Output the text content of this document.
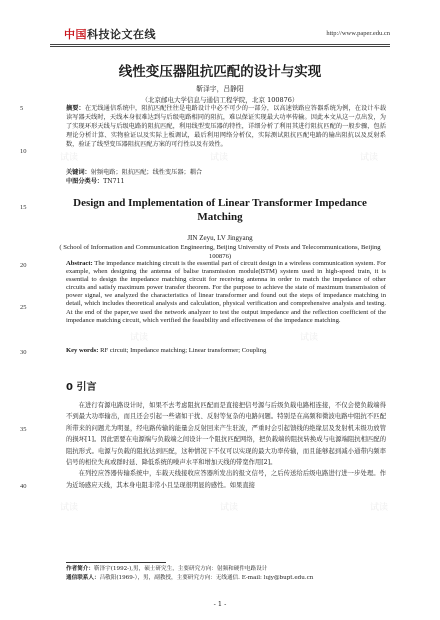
试读	试读	试读
试读	试读
试读	试读	试读
中国科技论文在线	http://www.paper.edu.cn
5
10
15
20
25
30
35
40
线性变压器阻抗匹配的设计与实现
靳泽宇，吕静阳
（北京邮电大学信息与通信工程学院，北京 100876）
摘要：在无线通信系统中，阻抗匹配往往是电路设计中必不可少的一部分，以高速铁路应答器系统为例，在设计车载读写器天线时，天线本身很难达到与后级电路相同的阻抗，难以保证实现最大功率传输。因此本文从这一点出发，为了实现环形天线与后级电路的阻抗匹配，利用线型变压器的特性，详细分析了利用其进行阻抗匹配的一般步骤，包括理论分析计算、实物验证以及实际上板调试，最后利用网络分析仪，实际测试阻抗匹配电路的输出阻抗以及反射系数，验证了线型变压器阻抗匹配方案的可行性以及有效性。
关键词：射频电路；阻抗匹配；线性变压器；耦合
中图分类号：TN711
Design and Implementation of Linear Transformer Impedance Matching
JIN Zeyu, LV Jingyang
( School of Information and Communication Engineering, Beijing University of Posts and Telecommunications, Beijing 100876)
Abstract: The impedance matching circuit is the essential part of circuit design in a wireless communication system. For example, when designing the antenna of balise transmission module(BTM) system used in high-speed train, it is essential to design the impedance matching circuit for receiving antenna in order to match the impedance of other circuits and satisfy maximum power transfer theorem. For the purpose to achieve the state of maximum transmission of power signal, we analyzed the characteristics of linear transformer and found out the steps of impedance matching in detail, which includes theoretical analysis and calculation, physical verification and comprehensive analysis and testing. At the end of the paper,we used the network analyzer to test the output impedance and the reflection coefficient of the impedance matching circuit, which verified the feasibility and effectiveness of the impedance matching.
Key words: RF circuit; Impedance matching; Linear transformer; Coupling
0 引言

在进行有源电路设计时，如果不去考虑阻抗匹配而是直接把信号源与后级负载电路相连接，不仅会使负载端得不到最大功率输出，而且还会引起一些诸如干扰、反射等复杂的电路问题。特别是在高频和微波电路中阻抗不匹配所带来的问题尤为明显，经电路传输的能量会反射回来产生驻波，严重时会引起馈线的绝缘层及发射机末级功放管的损坏[1]。因此需要在电源端与负载端之间设计一个阻抗匹配网络，把负载端的阻抗转换成与电源端阻抗相匹配的阻抗形式。电源与负载的阻抗达到匹配，这种情况下不仅可以实现的最大功率传输，而且能够起到减小通带内频率信号的相位失真或群时延、降低系统的噪声水平和增加天线的带宽作用[2]。

在列控应答器传输系统中，车载天线接收应答器所发出的报文信号，之后传送给后级电路进行进一步处理。作为近场感应天线，其本身电阻非常小且呈现很明显的感性。如果直接

作者简介：靳泽宇(1992-),男，硕士研究生，主要研究方向：射频和硬件电路设计
通信联系人：吕敬阳(1969-），男，副教授，主要研究方向：无线通信. E-mail: lujy@bupt.edu.cn
- 1 -
